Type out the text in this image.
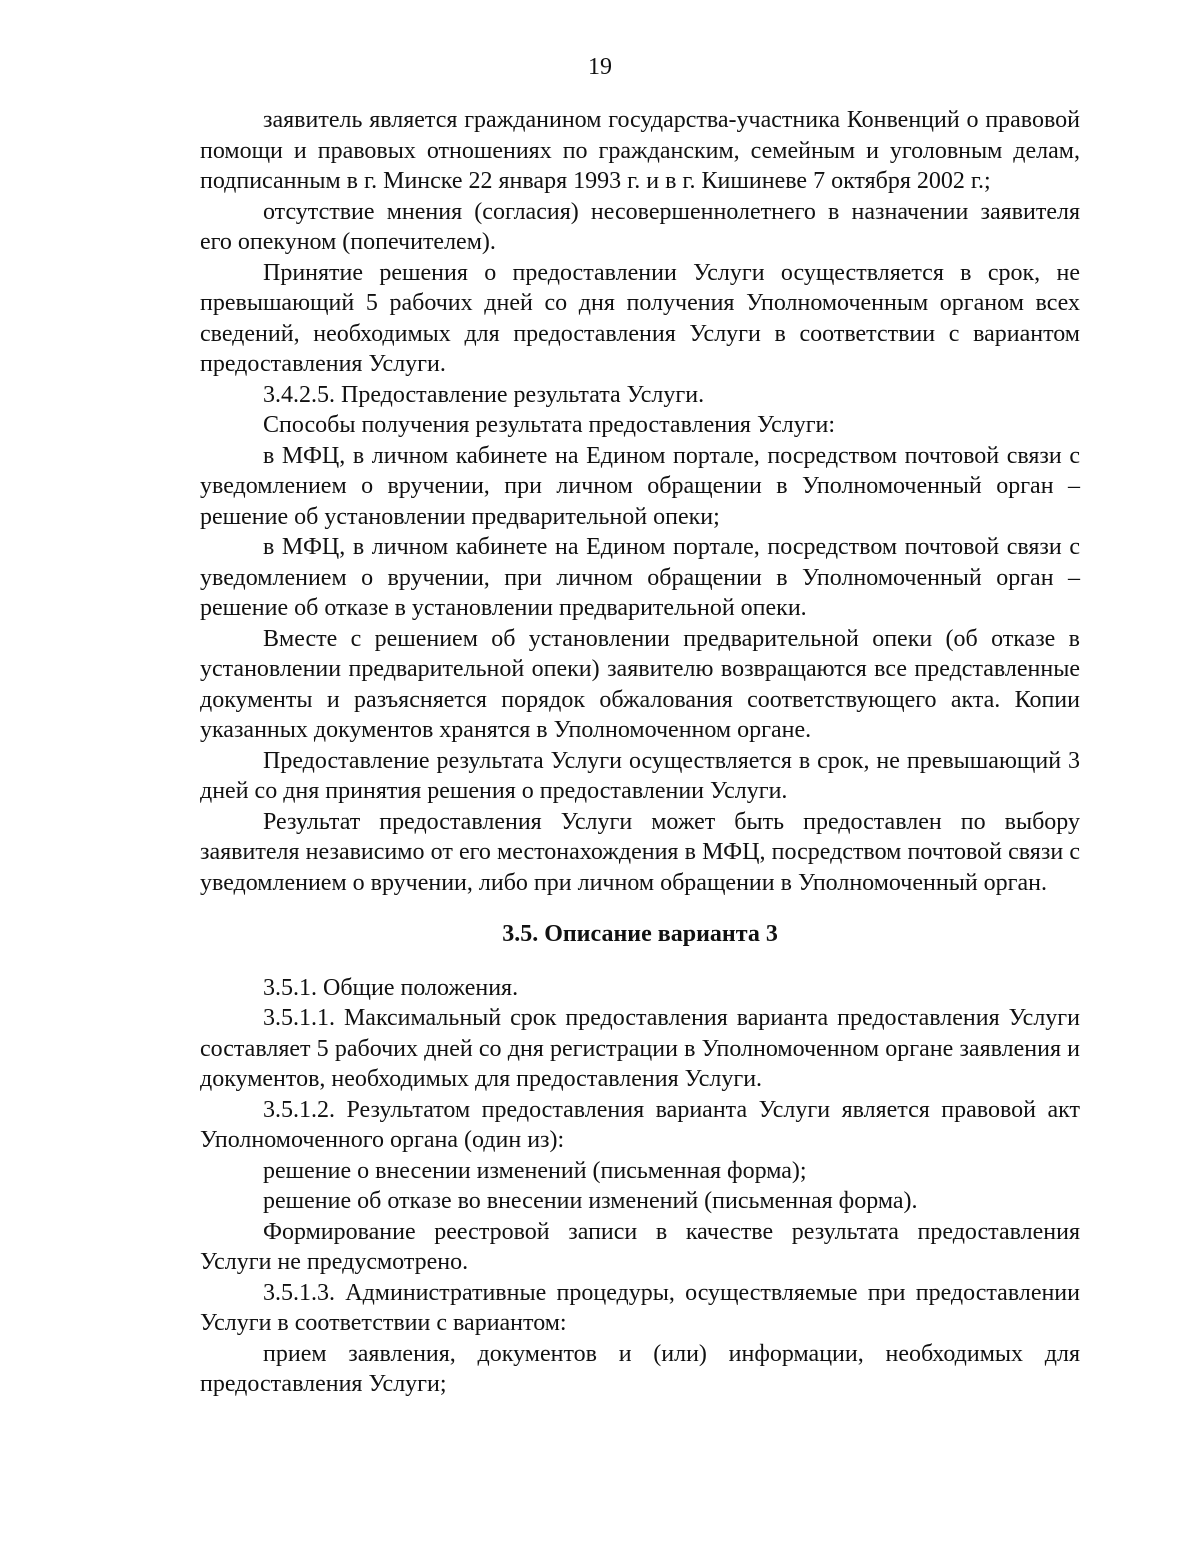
19

заявитель является гражданином государства-участника Конвенций о правовой помощи и правовых отношениях по гражданским, семейным и уголовным делам, подписанным в г. Минске 22 января 1993 г. и в г. Кишиневе 7 октября 2002 г.;

отсутствие мнения (согласия) несовершеннолетнего в назначении заявителя его опекуном (попечителем).

Принятие решения о предоставлении Услуги осуществляется в срок, не превышающий 5 рабочих дней со дня получения Уполномоченным органом всех сведений, необходимых для предоставления Услуги в соответствии с вариантом предоставления Услуги.

3.4.2.5. Предоставление результата Услуги.

Способы получения результата предоставления Услуги:

в МФЦ, в личном кабинете на Едином портале, посредством почтовой связи с уведомлением о вручении, при личном обращении в Уполномоченный орган – решение об установлении предварительной опеки;

в МФЦ, в личном кабинете на Едином портале, посредством почтовой связи с уведомлением о вручении, при личном обращении в Уполномоченный орган – решение об отказе в установлении предварительной опеки.

Вместе с решением об установлении предварительной опеки (об отказе в установлении предварительной опеки) заявителю возвращаются все представленные документы и разъясняется порядок обжалования соответствующего акта. Копии указанных документов хранятся в Уполномоченном органе.

Предоставление результата Услуги осуществляется в срок, не превышающий 3 дней со дня принятия решения о предоставлении Услуги.

Результат предоставления Услуги может быть предоставлен по выбору заявителя независимо от его местонахождения в МФЦ, посредством почтовой связи с уведомлением о вручении, либо при личном обращении в Уполномоченный орган.

3.5. Описание варианта 3

3.5.1. Общие положения.

3.5.1.1. Максимальный срок предоставления варианта предоставления Услуги составляет 5 рабочих дней со дня регистрации в Уполномоченном органе заявления и документов, необходимых для предоставления Услуги.

3.5.1.2. Результатом предоставления варианта Услуги является правовой акт Уполномоченного органа (один из):

решение о внесении изменений (письменная форма);

решение об отказе во внесении изменений (письменная форма).

Формирование реестровой записи в качестве результата предоставления Услуги не предусмотрено.

3.5.1.3. Административные процедуры, осуществляемые при предоставлении Услуги в соответствии с вариантом:

прием заявления, документов и (или) информации, необходимых для предоставления Услуги;
